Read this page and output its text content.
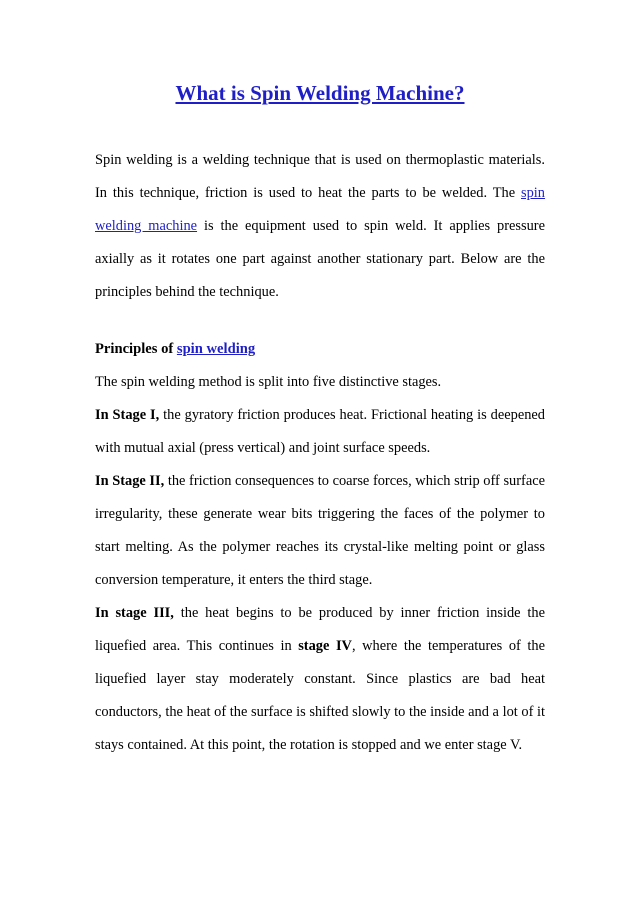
What is Spin Welding Machine?

Spin welding is a welding technique that is used on thermoplastic materials. In this technique, friction is used to heat the parts to be welded. The spin welding machine is the equipment used to spin weld. It applies pressure axially as it rotates one part against another stationary part. Below are the principles behind the technique.

Principles of spin welding

The spin welding method is split into five distinctive stages.

In Stage I, the gyratory friction produces heat. Frictional heating is deepened with mutual axial (press vertical) and joint surface speeds.

In Stage II, the friction consequences to coarse forces, which strip off surface irregularity, these generate wear bits triggering the faces of the polymer to start melting. As the polymer reaches its crystal-like melting point or glass conversion temperature, it enters the third stage.

In stage III, the heat begins to be produced by inner friction inside the liquefied area. This continues in stage IV, where the temperatures of the liquefied layer stay moderately constant. Since plastics are bad heat conductors, the heat of the surface is shifted slowly to the inside and a lot of it stays contained. At this point, the rotation is stopped and we enter stage V.
